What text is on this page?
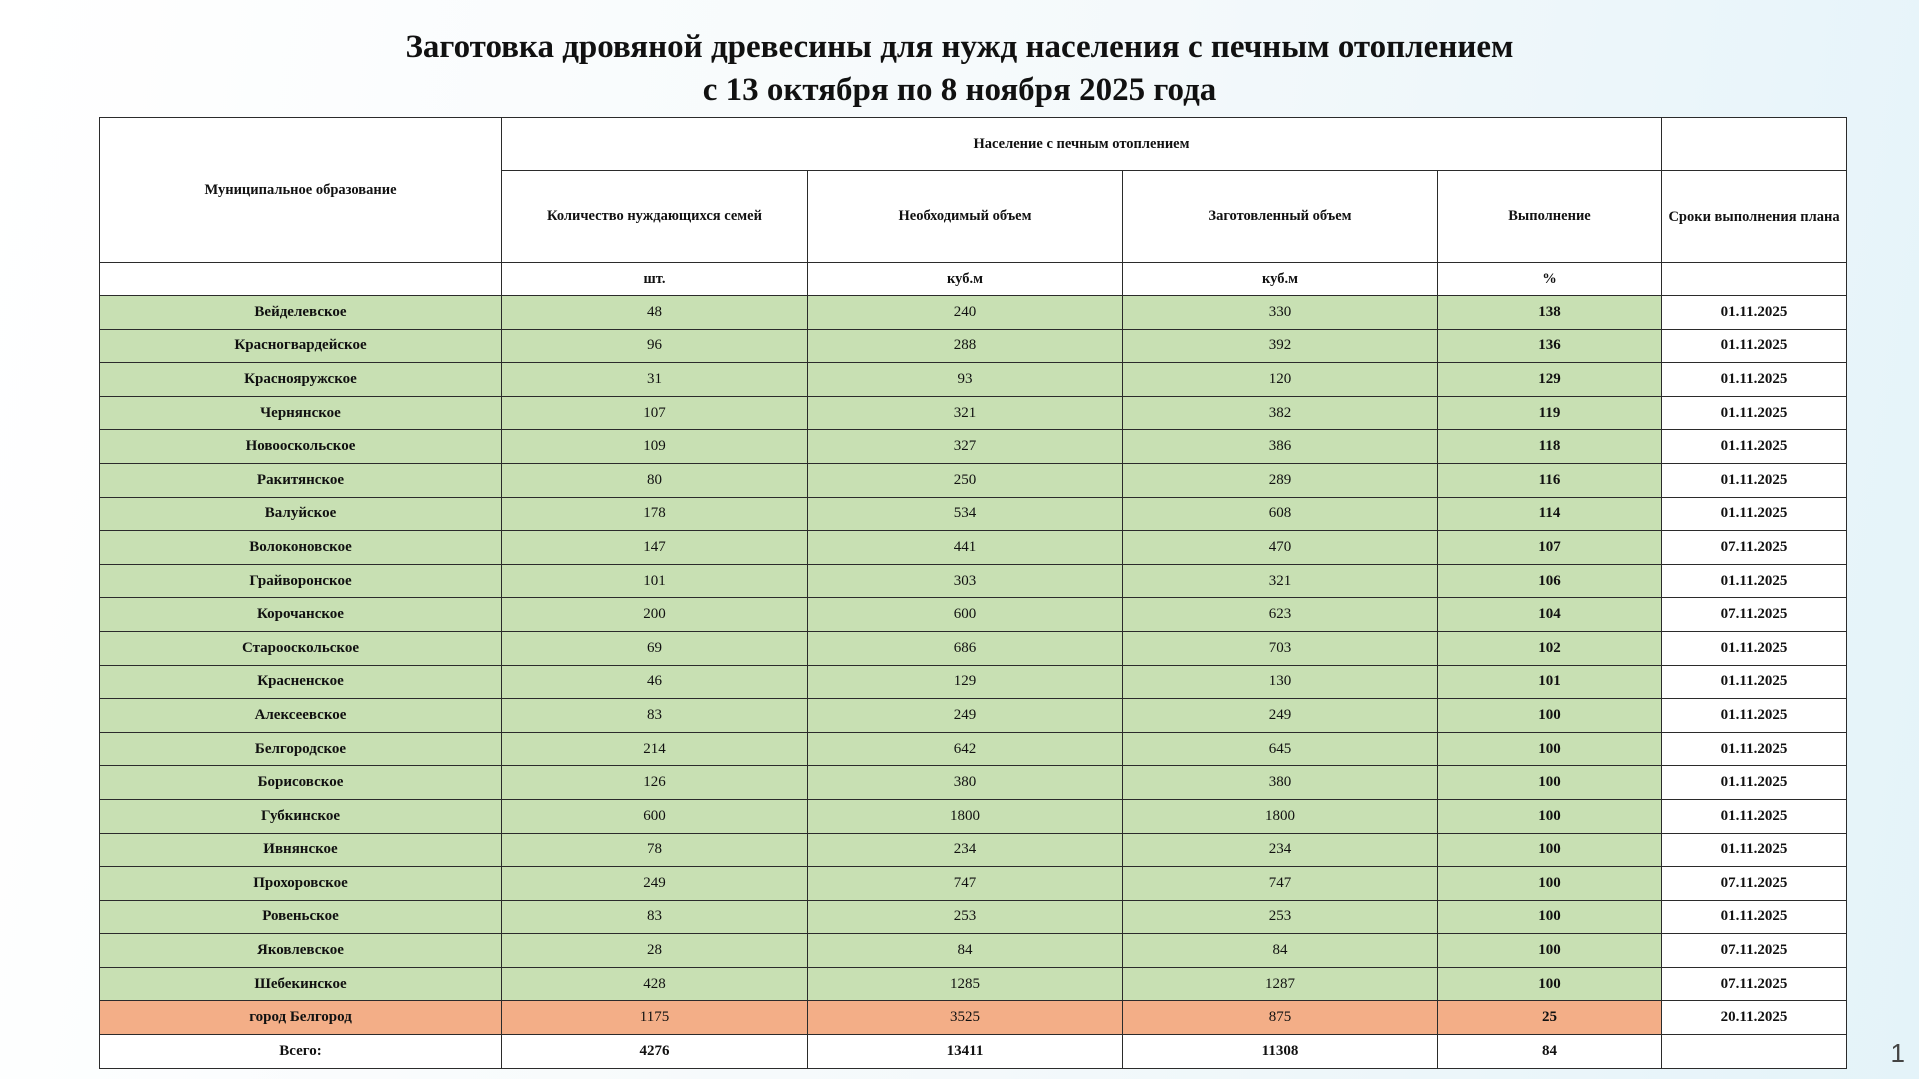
Заготовка дровяной древесины для нужд населения с печным отоплением
с 13 октября по 8 ноября 2025 года
Муниципальное образование	Население с печным отоплением				
	Количество нуждающихся семей	Необходимый объем	Заготовленный объем	Выполнение	Сроки выполнения плана
	шт.	куб.м	куб.м	%	
Вейделевское	48	240	330	138	01.11.2025
Красногвардейское	96	288	392	136	01.11.2025
Краснояружское	31	93	120	129	01.11.2025
Чернянское	107	321	382	119	01.11.2025
Новооскольское	109	327	386	118	01.11.2025
Ракитянское	80	250	289	116	01.11.2025
Валуйское	178	534	608	114	01.11.2025
Волоконовское	147	441	470	107	07.11.2025
Грайворонское	101	303	321	106	01.11.2025
Корочанское	200	600	623	104	07.11.2025
Старооскольское	69	686	703	102	01.11.2025
Красненское	46	129	130	101	01.11.2025
Алексеевское	83	249	249	100	01.11.2025
Белгородское	214	642	645	100	01.11.2025
Борисовское	126	380	380	100	01.11.2025
Губкинское	600	1800	1800	100	01.11.2025
Ивнянское	78	234	234	100	01.11.2025
Прохоровское	249	747	747	100	07.11.2025
Ровеньское	83	253	253	100	01.11.2025
Яковлевское	28	84	84	100	07.11.2025
Шебекинское	428	1285	1287	100	07.11.2025
город Белгород	1175	3525	875	25	20.11.2025
Всего:	4276	13411	11308	84		1
